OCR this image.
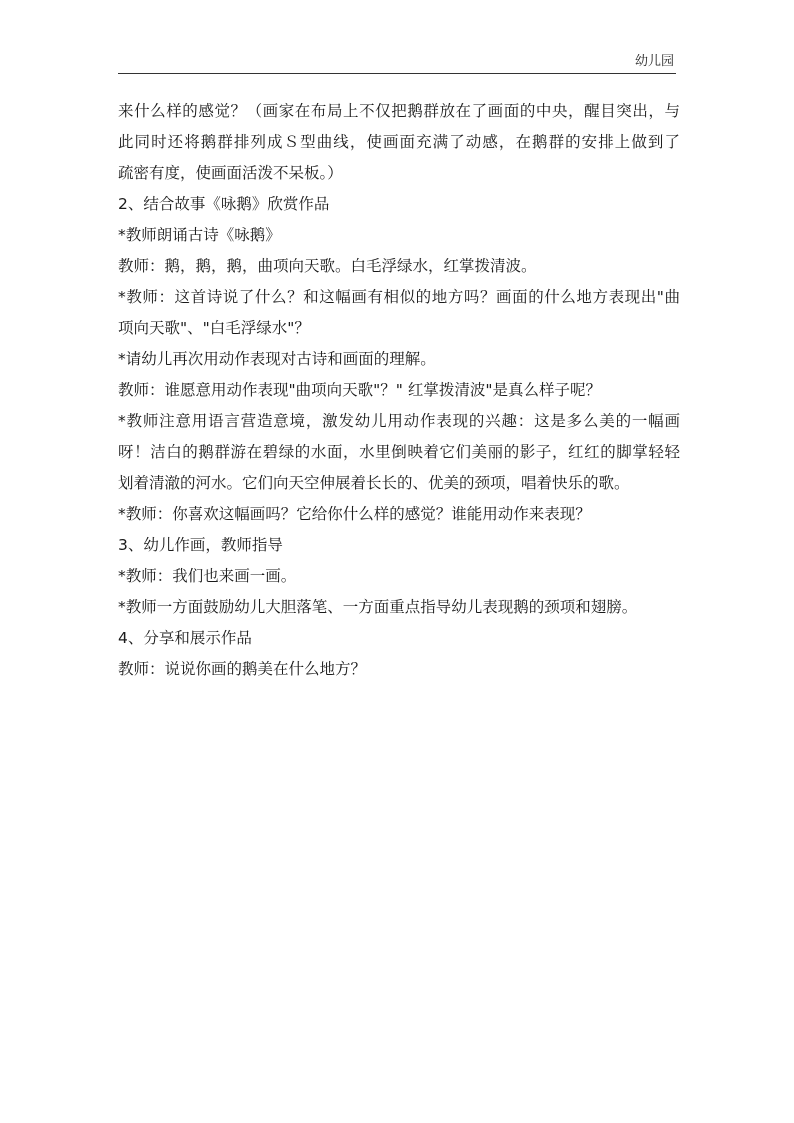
幼儿园
来什么样的感觉？（画家在布局上不仅把鹅群放在了画面的中央，醒目突出，与
此同时还将鹅群排列成Ｓ型曲线，使画面充满了动感，在鹅群的安排上做到了
疏密有度，使画面活泼不呆板。）
2、结合故事《咏鹅》欣赏作品
*教师朗诵古诗《咏鹅》
教师：鹅，鹅，鹅，曲项向天歌。白毛浮绿水，红掌拨清波。
*教师：这首诗说了什么？和这幅画有相似的地方吗？画面的什么地方表现出"曲
项向天歌"、"白毛浮绿水"？
*请幼儿再次用动作表现对古诗和画面的理解。
教师：谁愿意用动作表现"曲项向天歌"？" 红掌拨清波"是真么样子呢？
*教师注意用语言营造意境，激发幼儿用动作表现的兴趣：这是多么美的一幅画
呀！洁白的鹅群游在碧绿的水面，水里倒映着它们美丽的影子，红红的脚掌轻轻
划着清澈的河水。它们向天空伸展着长长的、优美的颈项，唱着快乐的歌。
*教师：你喜欢这幅画吗？它给你什么样的感觉？谁能用动作来表现？
3、幼儿作画，教师指导
*教师：我们也来画一画。
*教师一方面鼓励幼儿大胆落笔、一方面重点指导幼儿表现鹅的颈项和翅膀。
4、分享和展示作品
教师：说说你画的鹅美在什么地方？
